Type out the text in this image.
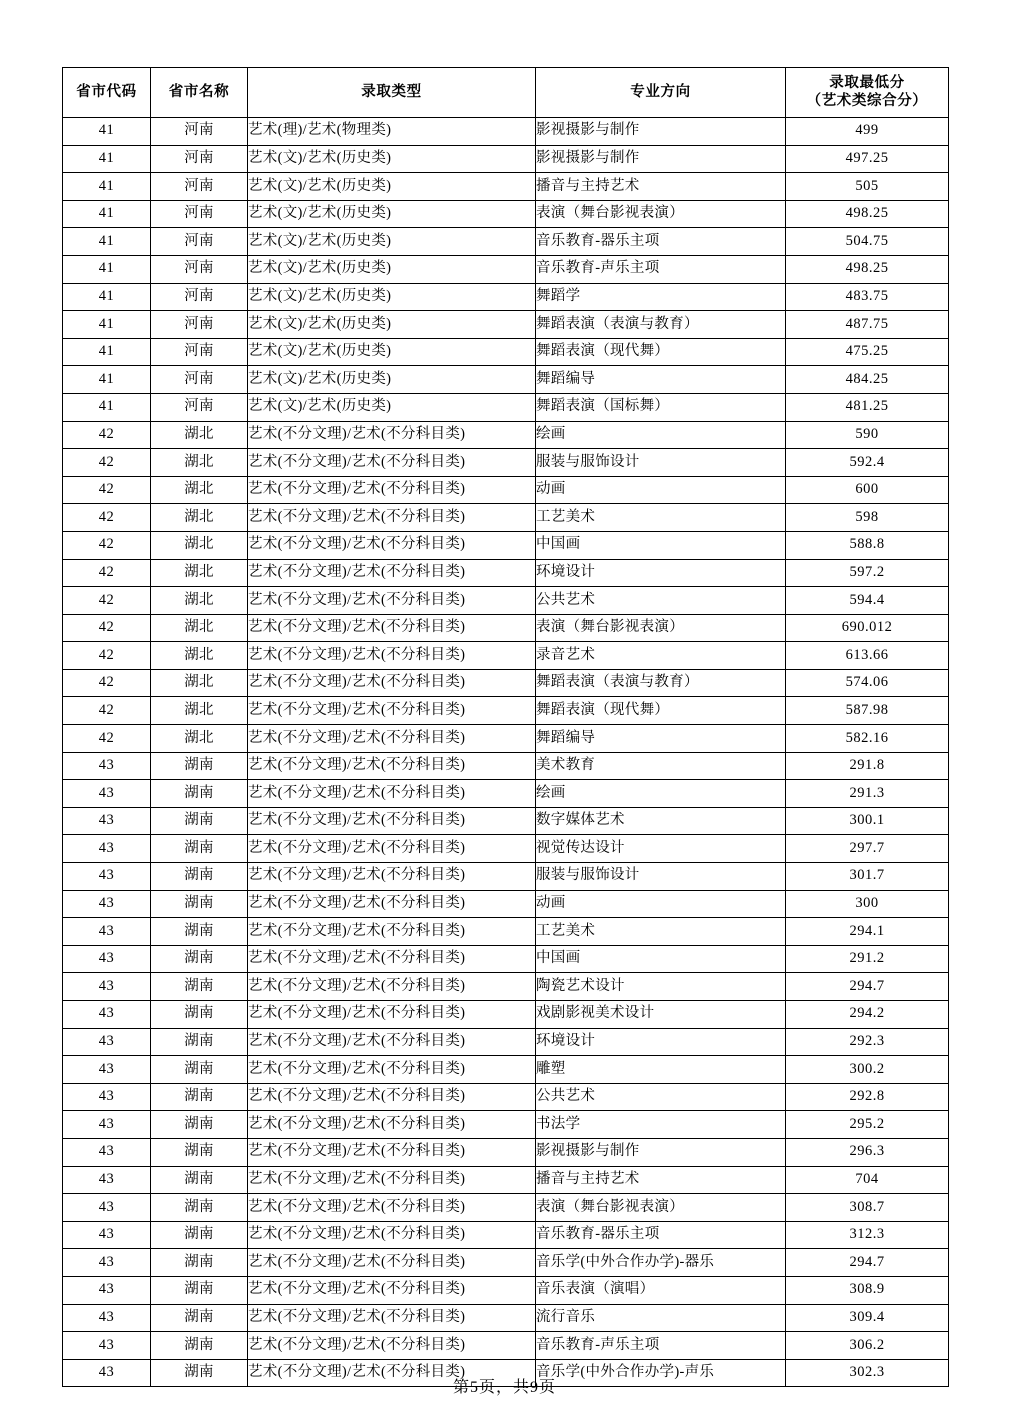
省市代码	省市名称	录取类型	专业方向	录取最低分
（艺术类综合分）

41	河南	艺术(理)/艺术(物理类)	影视摄影与制作	499
41	河南	艺术(文)/艺术(历史类)	影视摄影与制作	497.25
41	河南	艺术(文)/艺术(历史类)	播音与主持艺术	505
41	河南	艺术(文)/艺术(历史类)	表演（舞台影视表演）	498.25
41	河南	艺术(文)/艺术(历史类)	音乐教育-器乐主项	504.75
41	河南	艺术(文)/艺术(历史类)	音乐教育-声乐主项	498.25
41	河南	艺术(文)/艺术(历史类)	舞蹈学	483.75
41	河南	艺术(文)/艺术(历史类)	舞蹈表演（表演与教育）	487.75
41	河南	艺术(文)/艺术(历史类)	舞蹈表演（现代舞）	475.25
41	河南	艺术(文)/艺术(历史类)	舞蹈编导	484.25
41	河南	艺术(文)/艺术(历史类)	舞蹈表演（国标舞）	481.25
42	湖北	艺术(不分文理)/艺术(不分科目类)	绘画	590
42	湖北	艺术(不分文理)/艺术(不分科目类)	服装与服饰设计	592.4
42	湖北	艺术(不分文理)/艺术(不分科目类)	动画	600
42	湖北	艺术(不分文理)/艺术(不分科目类)	工艺美术	598
42	湖北	艺术(不分文理)/艺术(不分科目类)	中国画	588.8
42	湖北	艺术(不分文理)/艺术(不分科目类)	环境设计	597.2
42	湖北	艺术(不分文理)/艺术(不分科目类)	公共艺术	594.4
42	湖北	艺术(不分文理)/艺术(不分科目类)	表演（舞台影视表演）	690.012
42	湖北	艺术(不分文理)/艺术(不分科目类)	录音艺术	613.66
42	湖北	艺术(不分文理)/艺术(不分科目类)	舞蹈表演（表演与教育）	574.06
42	湖北	艺术(不分文理)/艺术(不分科目类)	舞蹈表演（现代舞）	587.98
42	湖北	艺术(不分文理)/艺术(不分科目类)	舞蹈编导	582.16
43	湖南	艺术(不分文理)/艺术(不分科目类)	美术教育	291.8
43	湖南	艺术(不分文理)/艺术(不分科目类)	绘画	291.3
43	湖南	艺术(不分文理)/艺术(不分科目类)	数字媒体艺术	300.1
43	湖南	艺术(不分文理)/艺术(不分科目类)	视觉传达设计	297.7
43	湖南	艺术(不分文理)/艺术(不分科目类)	服装与服饰设计	301.7
43	湖南	艺术(不分文理)/艺术(不分科目类)	动画	300
43	湖南	艺术(不分文理)/艺术(不分科目类)	工艺美术	294.1
43	湖南	艺术(不分文理)/艺术(不分科目类)	中国画	291.2
43	湖南	艺术(不分文理)/艺术(不分科目类)	陶瓷艺术设计	294.7
43	湖南	艺术(不分文理)/艺术(不分科目类)	戏剧影视美术设计	294.2
43	湖南	艺术(不分文理)/艺术(不分科目类)	环境设计	292.3
43	湖南	艺术(不分文理)/艺术(不分科目类)	雕塑	300.2
43	湖南	艺术(不分文理)/艺术(不分科目类)	公共艺术	292.8
43	湖南	艺术(不分文理)/艺术(不分科目类)	书法学	295.2
43	湖南	艺术(不分文理)/艺术(不分科目类)	影视摄影与制作	296.3
43	湖南	艺术(不分文理)/艺术(不分科目类)	播音与主持艺术	704
43	湖南	艺术(不分文理)/艺术(不分科目类)	表演（舞台影视表演）	308.7
43	湖南	艺术(不分文理)/艺术(不分科目类)	音乐教育-器乐主项	312.3
43	湖南	艺术(不分文理)/艺术(不分科目类)	音乐学(中外合作办学)-器乐	294.7
43	湖南	艺术(不分文理)/艺术(不分科目类)	音乐表演（演唱）	308.9
43	湖南	艺术(不分文理)/艺术(不分科目类)	流行音乐	309.4
43	湖南	艺术(不分文理)/艺术(不分科目类)	音乐教育-声乐主项	306.2
43	湖南	艺术(不分文理)/艺术(不分科目类)	音乐学(中外合作办学)-声乐	302.3
第5页，共9页
